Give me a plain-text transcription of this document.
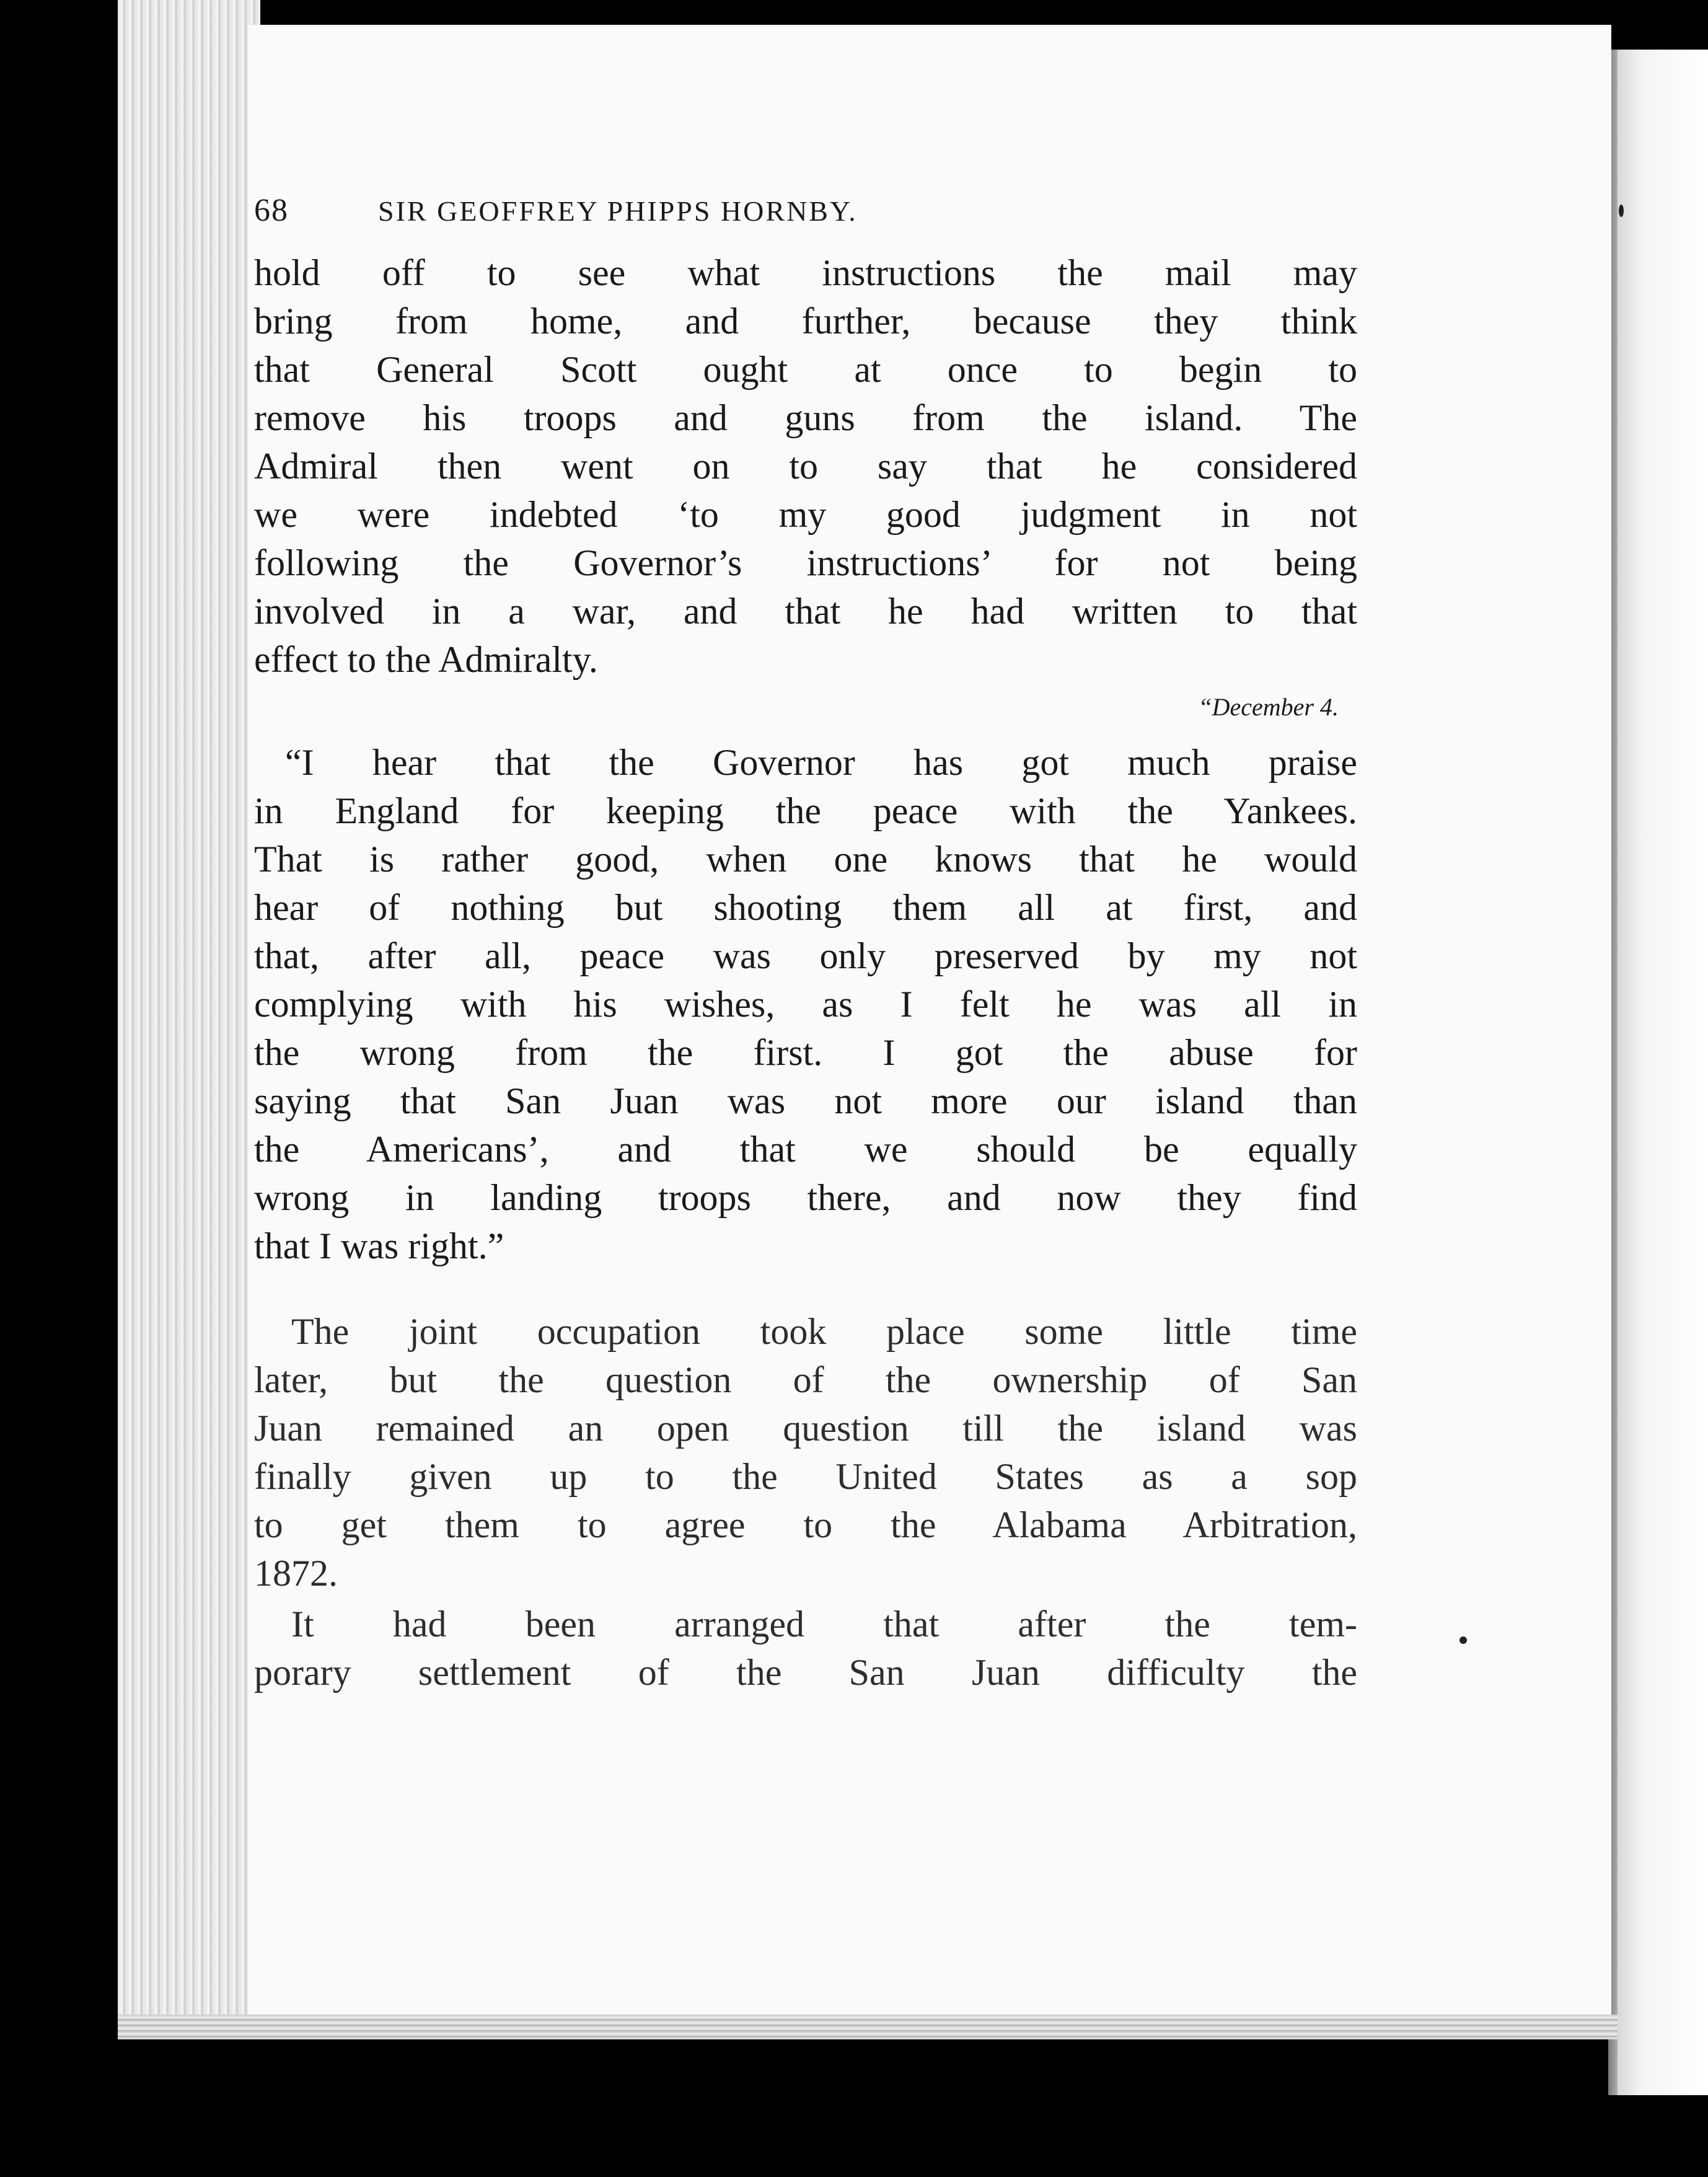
68	SIR GEOFFREY PHIPPS HORNBY.
hold off to see what instructions the mail may
bring from home, and further, because they think
that General Scott ought at once to begin to
remove his troops and guns from the island. The
Admiral then went on to say that he considered
we were indebted ‘to my good judgment in not
following the Governor’s instructions’ for not being
involved in a war, and that he had written to that
effect to the Admiralty.
“December 4.
“I hear that the Governor has got much praise
in England for keeping the peace with the Yankees.
That is rather good, when one knows that he would
hear of nothing but shooting them all at first, and
that, after all, peace was only preserved by my not
complying with his wishes, as I felt he was all in
the wrong from the first. I got the abuse for
saying that San Juan was not more our island than
the Americans’, and that we should be equally
wrong in landing troops there, and now they find
that I was right.”
The joint occupation took place some little time
later, but the question of the ownership of San
Juan remained an open question till the island was
finally given up to the United States as a sop
to get them to agree to the Alabama Arbitration,
1872.
It had been arranged that after the tem-
porary settlement of the San Juan difficulty the
